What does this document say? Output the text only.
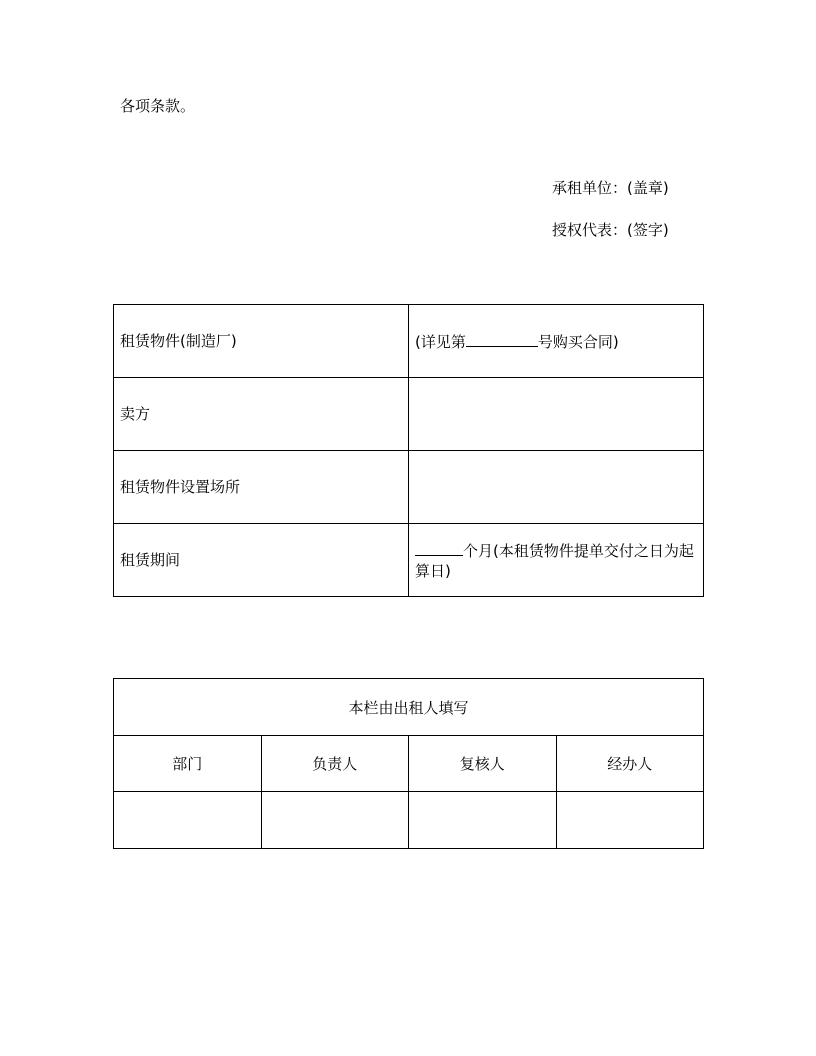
各项条款。
承租单位：(盖章)
授权代表：(签字)
租赁物件(制造厂)	(详见第 号购买合同)
卖方	
租赁物件设置场所	
租赁期间	个月(本租赁物件提单交付之日为起算日)
本栏由出租人填写			
部门	负责人	复核人	经办人
